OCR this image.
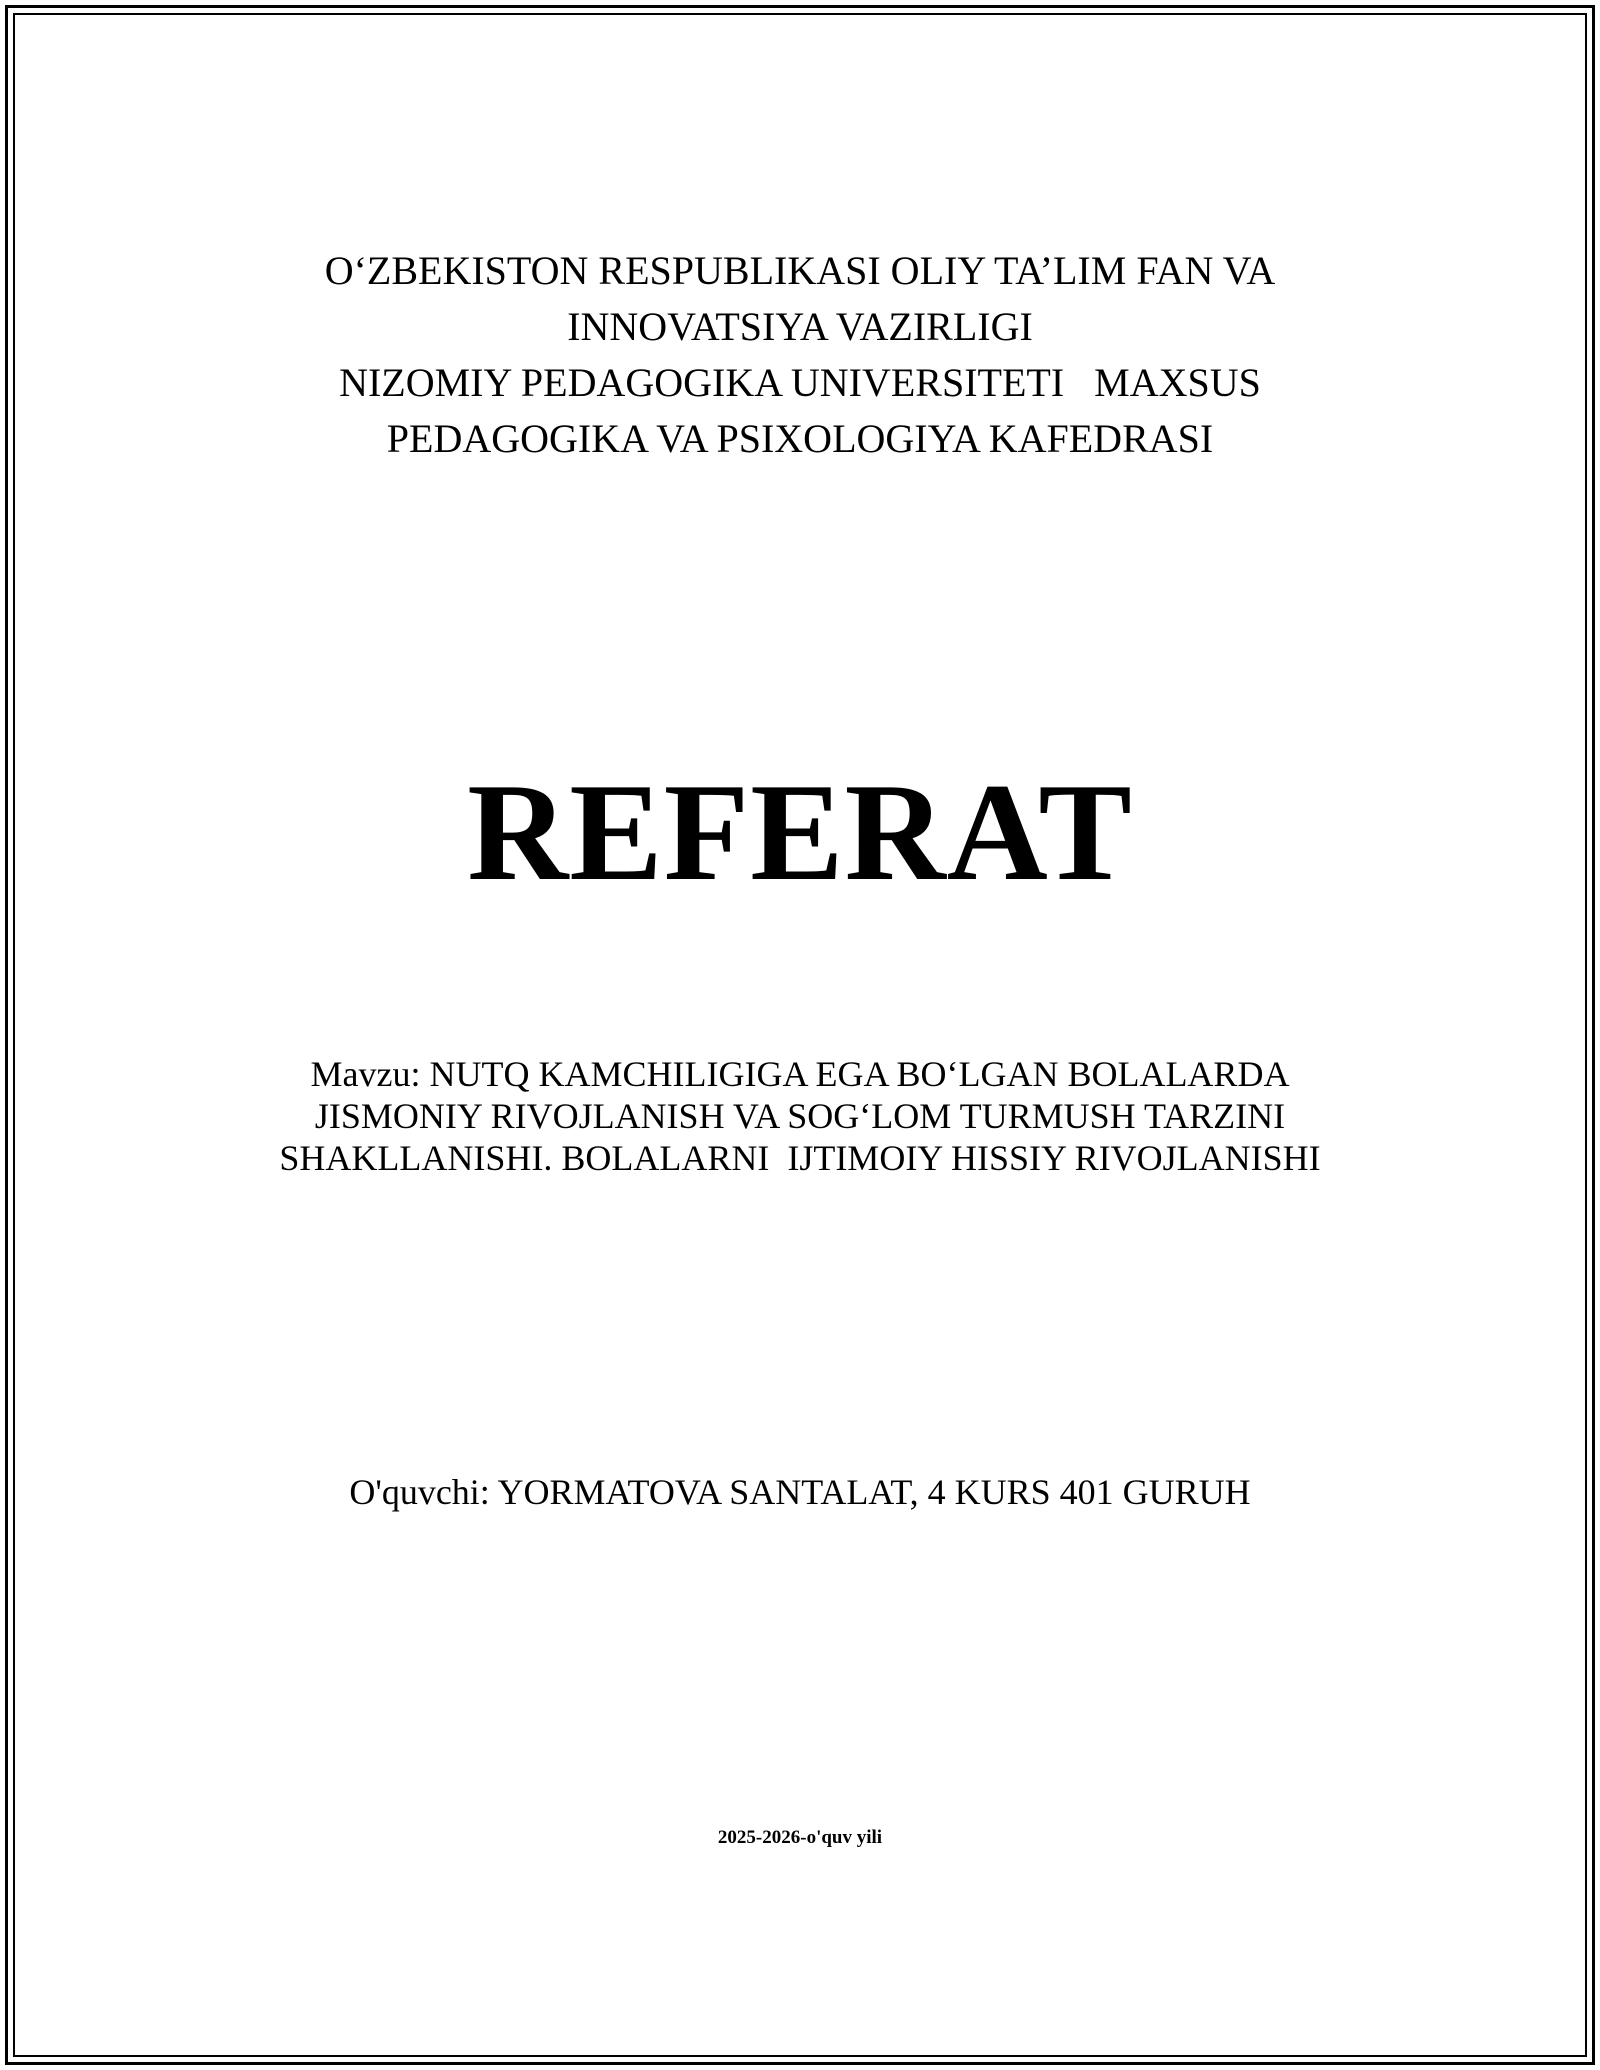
O‘ZBEKISTON RESPUBLIKASI OLIY TA’LIM FAN VA
INNOVATSIYA VAZIRLIGI
NIZOMIY PEDAGOGIKA UNIVERSITETI   MAXSUS
PEDAGOGIKA VA PSIXOLOGIYA KAFEDRASI
REFERAT
Mavzu: NUTQ KAMCHILIGIGA EGA BO‘LGAN BOLALARDA
JISMONIY RIVOJLANISH VA SOG‘LOM TURMUSH TARZINI
SHAKLLANISHI. BOLALARNI  IJTIMOIY HISSIY RIVOJLANISHI
O'quvchi: YORMATOVA SANTALAT, 4 KURS 401 GURUH
2025-2026-o'quv yili
